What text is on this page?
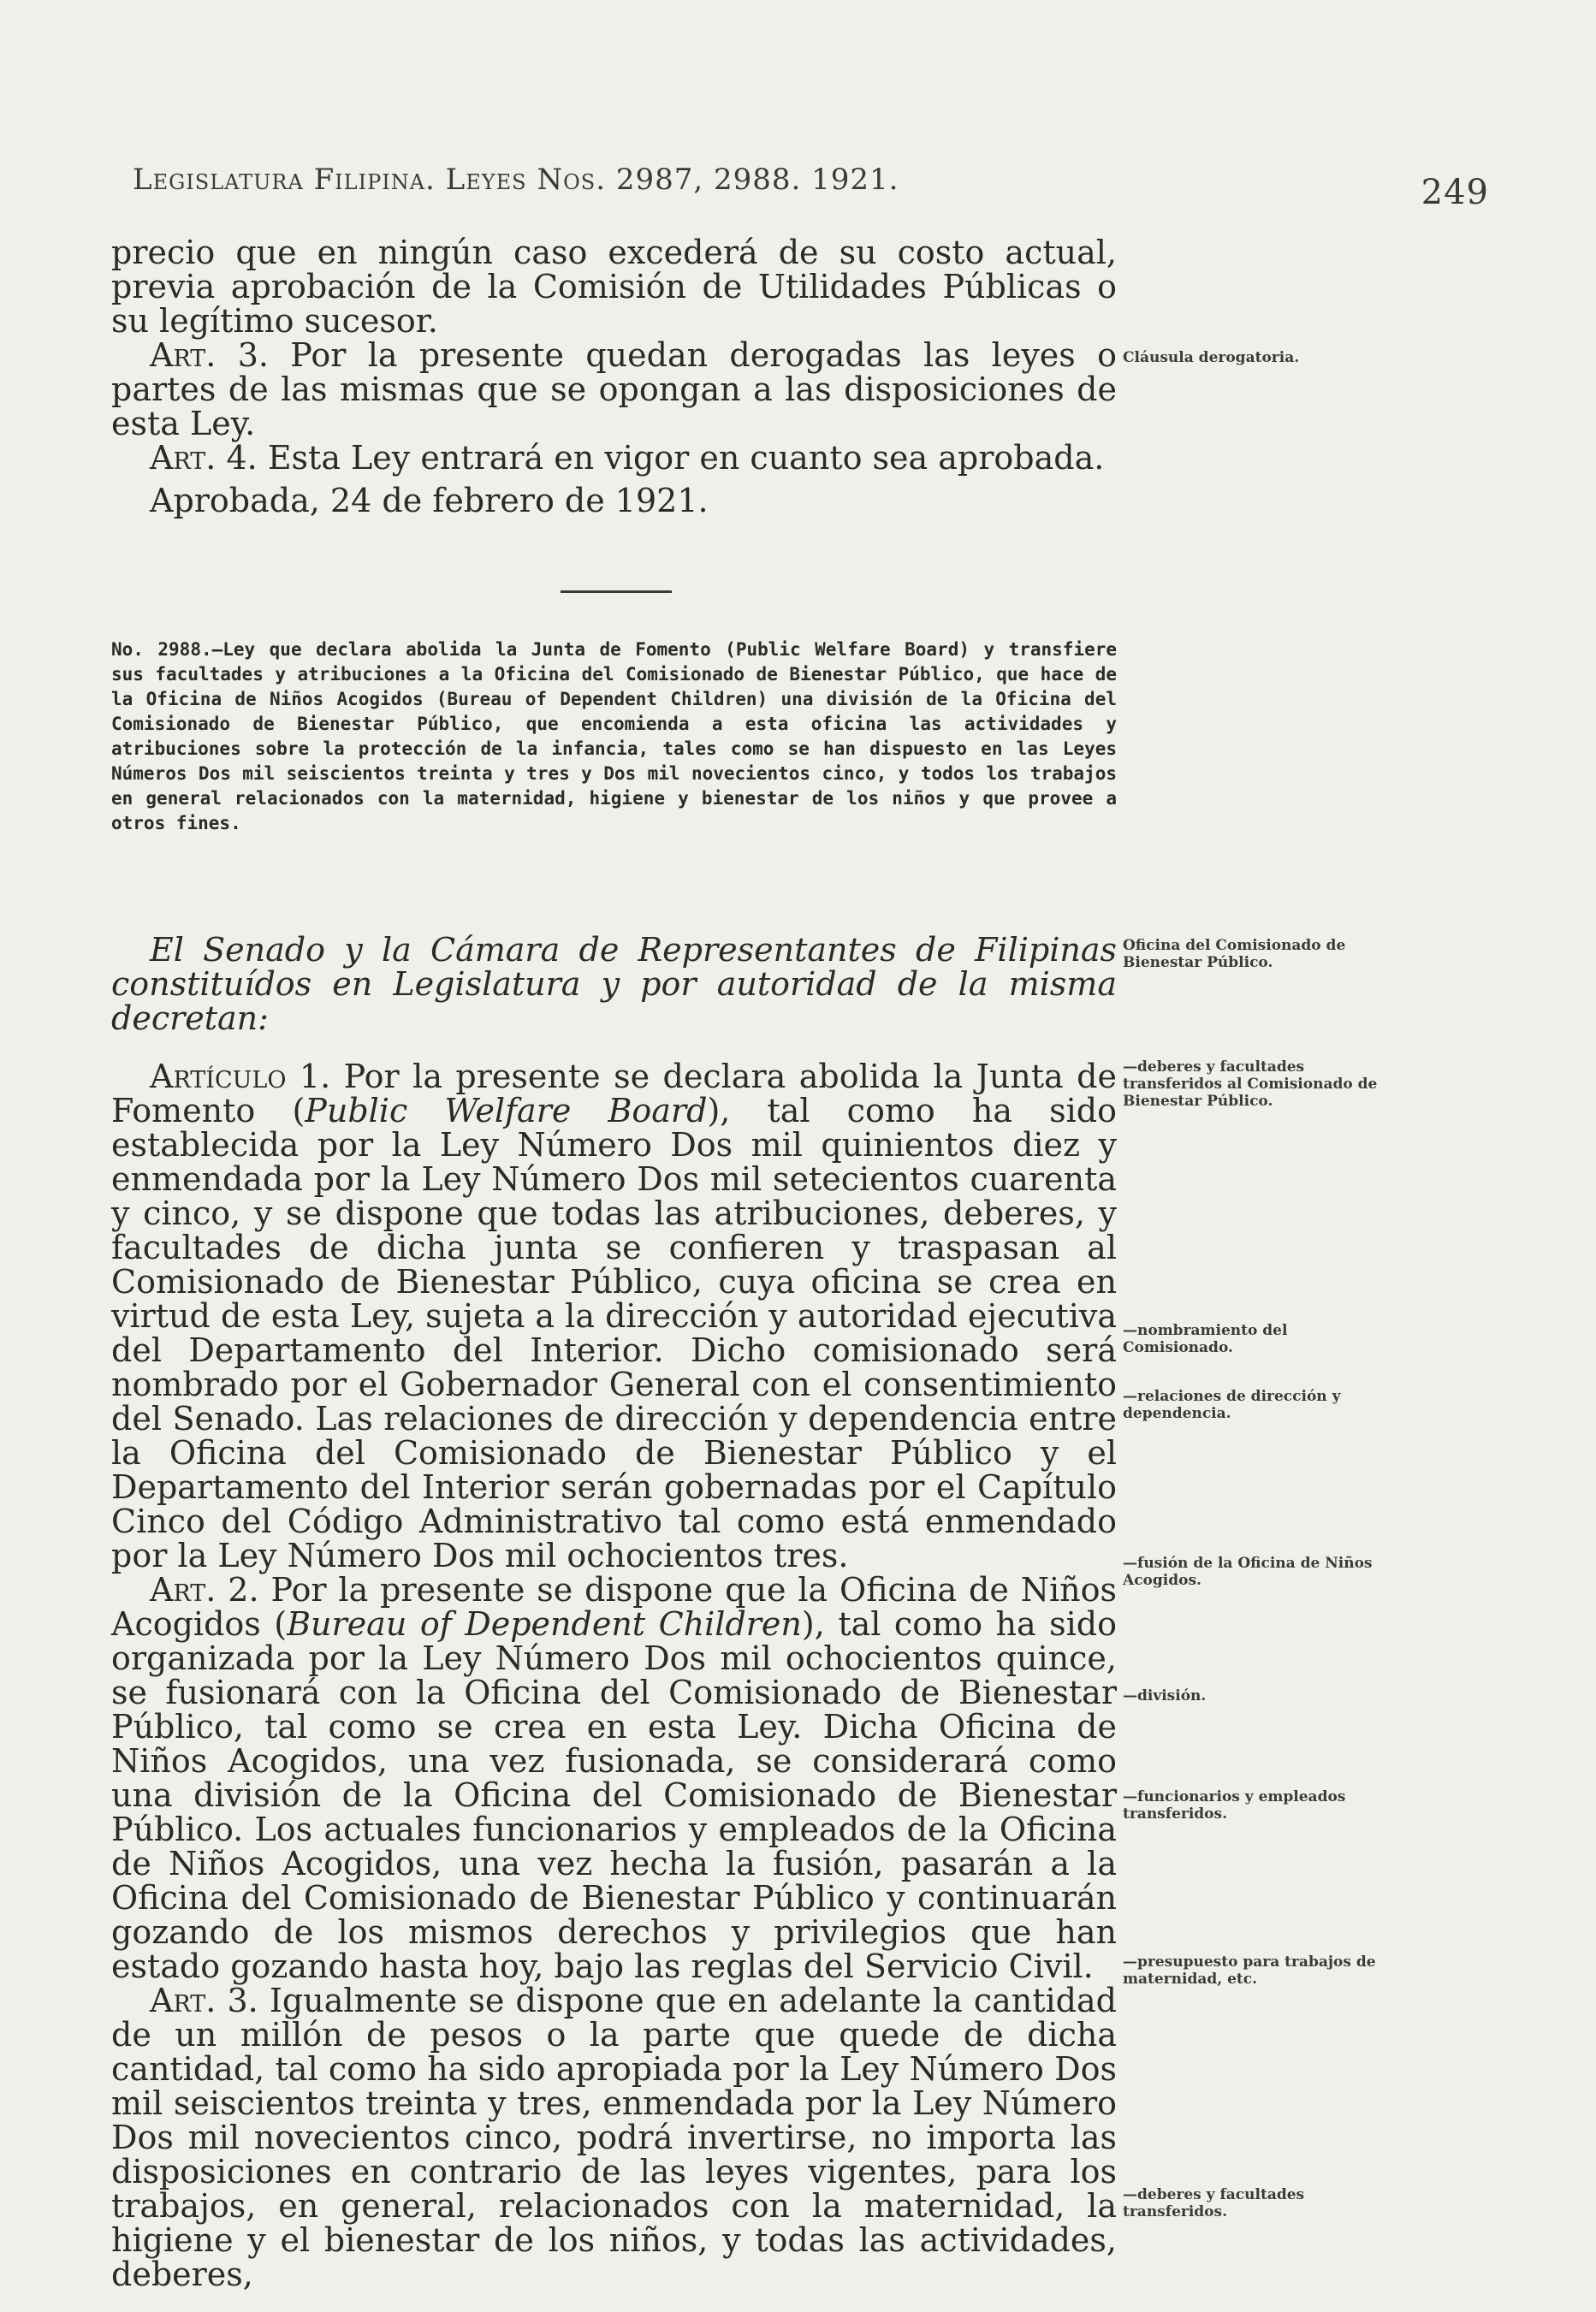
Legislatura Filipina. Leyes Nos. 2987, 2988. 1921.	249

precio que en ningún caso excederá de su costo actual, previa aprobación de la Comisión de Utilidades Públicas o su legítimo sucesor.

Art. 3. Por la presente quedan derogadas las leyes o partes de las mismas que se opongan a las disposiciones de esta Ley.

Art. 4. Esta Ley entrará en vigor en cuanto sea aprobada.

Aprobada, 24 de febrero de 1921.

Cláusula derogatoria.

No. 2988.—Ley que declara abolida la Junta de Fomento (Public Welfare Board) y transfiere sus facultades y atribuciones a la Oficina del Comisionado de Bienestar Público, que hace de la Oficina de Niños Acogidos (Bureau of Dependent Children) una división de la Oficina del Comisionado de Bienestar Público, que encomienda a esta oficina las actividades y atribuciones sobre la protección de la infancia, tales como se han dispuesto en las Leyes Números Dos mil seiscientos treinta y tres y Dos mil novecientos cinco, y todos los trabajos en general relacionados con la maternidad, higiene y bienestar de los niños y que provee a otros fines.

El Senado y la Cámara de Representantes de Filipinas constituídos en Legislatura y por autoridad de la misma decretan:

Artículo 1. Por la presente se declara abolida la Junta de Fomento (Public Welfare Board), tal como ha sido establecida por la Ley Número Dos mil quinientos diez y enmendada por la Ley Número Dos mil setecientos cuarenta y cinco, y se dispone que todas las atribuciones, deberes, y facultades de dicha junta se confieren y traspasan al Comisionado de Bienestar Público, cuya oficina se crea en virtud de esta Ley, sujeta a la dirección y autoridad ejecutiva del Departamento del Interior. Dicho comisionado será nombrado por el Gobernador General con el consentimiento del Senado. Las relaciones de dirección y dependencia entre la Oficina del Comisionado de Bienestar Público y el Departamento del Interior serán gobernadas por el Capítulo Cinco del Código Administrativo tal como está enmendado por la Ley Número Dos mil ochocientos tres.

Art. 2. Por la presente se dispone que la Oficina de Niños Acogidos (Bureau of Dependent Children), tal como ha sido organizada por la Ley Número Dos mil ochocientos quince, se fusionará con la Oficina del Comisionado de Bienestar Público, tal como se crea en esta Ley. Dicha Oficina de Niños Acogidos, una vez fusionada, se considerará como una división de la Oficina del Comisionado de Bienestar Público. Los actuales funcionarios y empleados de la Oficina de Niños Acogidos, una vez hecha la fusión, pasarán a la Oficina del Comisionado de Bienestar Público y continuarán gozando de los mismos derechos y privilegios que han estado gozando hasta hoy, bajo las reglas del Servicio Civil.

Art. 3. Igualmente se dispone que en adelante la cantidad de un millón de pesos o la parte que quede de dicha cantidad, tal como ha sido apropiada por la Ley Número Dos mil seiscientos treinta y tres, enmendada por la Ley Número Dos mil novecientos cinco, podrá invertirse, no importa las disposiciones en contrario de las leyes vigentes, para los trabajos, en general, relacionados con la maternidad, la higiene y el bienestar de los niños, y todas las actividades, deberes,

Oficina del Comisionado de Bienestar Público.
—deberes y facultades transferidos al Comisionado de Bienestar Público.
—nombramiento del Comisionado.
—relaciones de dirección y dependencia.
—fusión de la Oficina de Niños Acogidos.
—división.
—funcionarios y empleados transferidos.
—presupuesto para trabajos de maternidad, etc.
—deberes y facultades transferidos.
